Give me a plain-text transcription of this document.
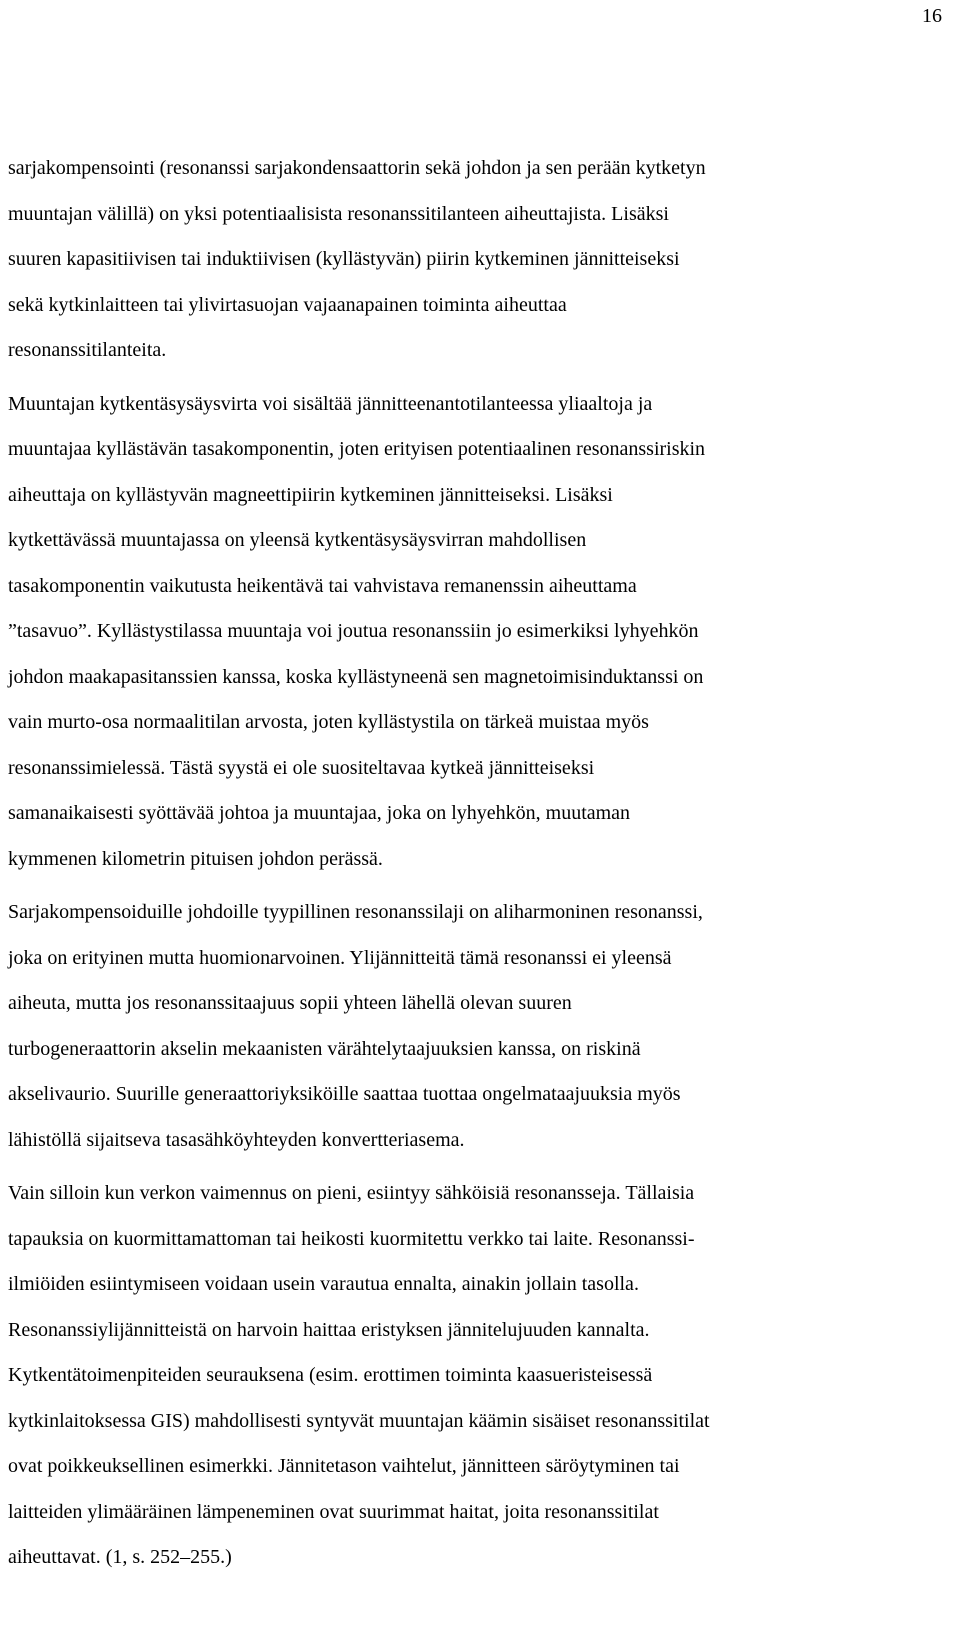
16

sarjakompensointi (resonanssi sarjakondensaattorin sekä johdon ja sen perään kytketyn
muuntajan välillä) on yksi potentiaalisista resonanssitilanteen aiheuttajista. Lisäksi
suuren kapasitiivisen tai induktiivisen (kyllästyvän) piirin kytkeminen jännitteiseksi
sekä kytkinlaitteen tai ylivirtasuojan vajaanapainen toiminta aiheuttaa
resonanssitilanteita.

Muuntajan kytkentäsysäysvirta voi sisältää jännitteenantotilanteessa yliaaltoja ja
muuntajaa kyllästävän tasakomponentin, joten erityisen potentiaalinen resonanssiriskin
aiheuttaja on kyllästyvän magneettipiirin kytkeminen jännitteiseksi. Lisäksi
kytkettävässä muuntajassa on yleensä kytkentäsysäysvirran mahdollisen
tasakomponentin vaikutusta heikentävä tai vahvistava remanenssin aiheuttama
”tasavuo”. Kyllästystilassa muuntaja voi joutua resonanssiin jo esimerkiksi lyhyehkön
johdon maakapasitanssien kanssa, koska kyllästyneenä sen magnetoimisinduktanssi on
vain murto-osa normaalitilan arvosta, joten kyllästystila on tärkeä muistaa myös
resonanssimielessä. Tästä syystä ei ole suositeltavaa kytkeä jännitteiseksi
samanaikaisesti syöttävää johtoa ja muuntajaa, joka on lyhyehkön, muutaman
kymmenen kilometrin pituisen johdon perässä.

Sarjakompensoiduille johdoille tyypillinen resonanssilaji on aliharmoninen resonanssi,
joka on erityinen mutta huomionarvoinen. Ylijännitteitä tämä resonanssi ei yleensä
aiheuta, mutta jos resonanssitaajuus sopii yhteen lähellä olevan suuren
turbogeneraattorin akselin mekaanisten värähtelytaajuuksien kanssa, on riskinä
akselivaurio. Suurille generaattoriyksiköille saattaa tuottaa ongelmataajuuksia myös
lähistöllä sijaitseva tasasähköyhteyden konvertteriasema.

Vain silloin kun verkon vaimennus on pieni, esiintyy sähköisiä resonansseja. Tällaisia
tapauksia on kuormittamattoman tai heikosti kuormitettu verkko tai laite. Resonanssi-
ilmiöiden esiintymiseen voidaan usein varautua ennalta, ainakin jollain tasolla.
Resonanssiylijännitteistä on harvoin haittaa eristyksen jännitelujuuden kannalta.
Kytkentätoimenpiteiden seurauksena (esim. erottimen toiminta kaasueristeisessä
kytkinlaitoksessa GIS) mahdollisesti syntyvät muuntajan käämin sisäiset resonanssitilat
ovat poikkeuksellinen esimerkki. Jännitetason vaihtelut, jännitteen säröytyminen tai
laitteiden ylimääräinen lämpeneminen ovat suurimmat haitat, joita resonanssitilat
aiheuttavat. (1, s. 252–255.)
